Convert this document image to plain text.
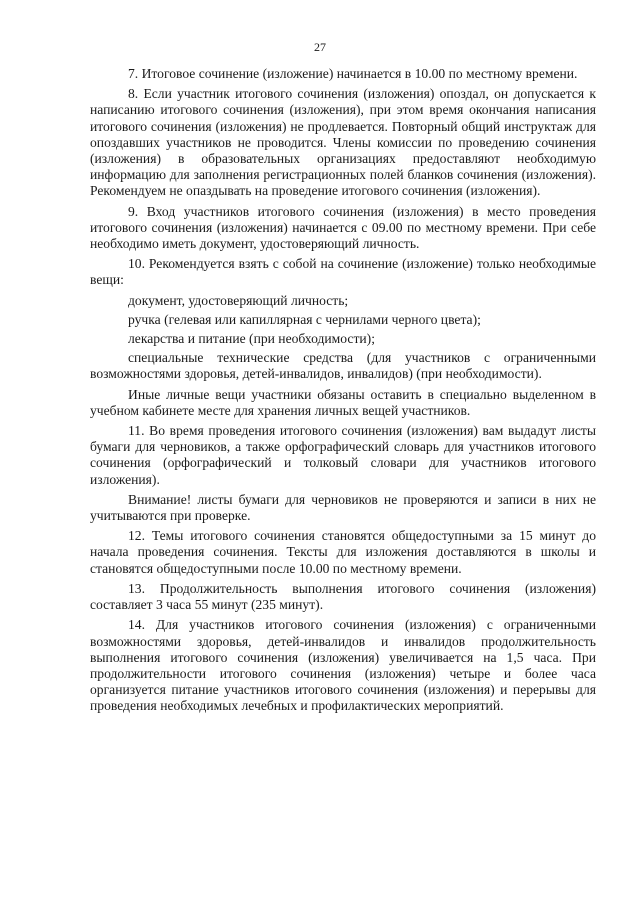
27

7. Итоговое сочинение (изложение) начинается в 10.00 по местному времени.

8. Если участник итогового сочинения (изложения) опоздал, он допускается к написанию итогового сочинения (изложения), при этом время окончания написания итогового сочинения (изложения) не продлевается. Повторный общий инструктаж для опоздавших участников не проводится. Члены комиссии по проведению сочинения (изложения) в образовательных организациях предоставляют необходимую информацию для заполнения регистрационных полей бланков сочинения (изложения). Рекомендуем не опаздывать на проведение итогового сочинения (изложения).

9. Вход участников итогового сочинения (изложения) в место проведения итогового сочинения (изложения) начинается с 09.00 по местному времени. При себе необходимо иметь документ, удостоверяющий личность.

10. Рекомендуется взять с собой на сочинение (изложение) только необходимые вещи:

документ, удостоверяющий личность;
ручка (гелевая или капиллярная с чернилами черного цвета);
лекарства и питание (при необходимости);
специальные технические средства (для участников с ограниченными возможностями здоровья, детей-инвалидов, инвалидов) (при необходимости).

Иные личные вещи участники обязаны оставить в специально выделенном в учебном кабинете месте для хранения личных вещей участников.

11. Во время проведения итогового сочинения (изложения) вам выдадут листы бумаги для черновиков, а также орфографический словарь для участников итогового сочинения (орфографический и толковый словари для участников итогового изложения).

Внимание! листы бумаги для черновиков не проверяются и записи в них не учитываются при проверке.

12. Темы итогового сочинения становятся общедоступными за 15 минут до начала проведения сочинения. Тексты для изложения доставляются в школы и становятся общедоступными после 10.00 по местному времени.

13. Продолжительность выполнения итогового сочинения (изложения) составляет 3 часа 55 минут (235 минут).

14. Для участников итогового сочинения (изложения) с ограниченными возможностями здоровья, детей-инвалидов и инвалидов продолжительность выполнения итогового сочинения (изложения) увеличивается на 1,5 часа. При продолжительности итогового сочинения (изложения) четыре и более часа организуется питание участников итогового сочинения (изложения) и перерывы для проведения необходимых лечебных и профилактических мероприятий.
